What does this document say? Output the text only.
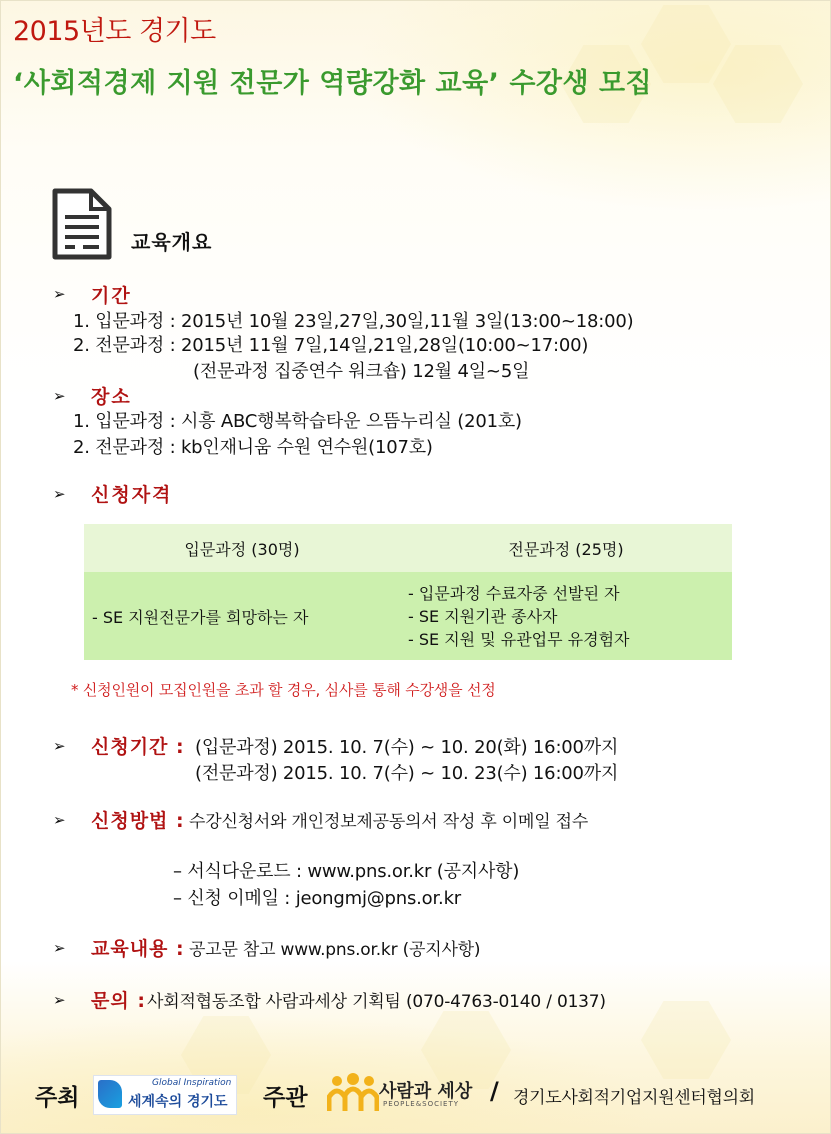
2015년도 경기도
‘사회적경제 지원 전문가 역량강화 교육’ 수강생 모집
교육개요
➢ 기간
1. 입문과정 : 2015년 10월 23일,27일,30일,11월 3일(13:00~18:00)
2. 전문과정 : 2015년 11월 7일,14일,21일,28일(10:00~17:00)
(전문과정 집중연수 워크숍) 12월 4일~5일
➢ 장소
1. 입문과정 : 시흥 ABC행복학습타운 으뜸누리실 (201호)
2. 전문과정 : kb인재니움 수원 연수원(107호)
➢ 신청자격
입문과정 (30명)	전문과정 (25명)
- SE 지원전문가를 희망하는 자	- 입문과정 수료자중 선발된 자
- SE 지원기관 종사자
- SE 지원 및 유관업무 유경험자
* 신청인원이 모집인원을 초과 할 경우, 심사를 통해 수강생을 선정
➢ 신청기간 : (입문과정) 2015. 10. 7(수) ~ 10. 20(화) 16:00까지
(전문과정) 2015. 10. 7(수) ~ 10. 23(수) 16:00까지
➢ 신청방법 : 수강신청서와 개인정보제공동의서 작성 후 이메일 접수
– 서식다운로드 : www.pns.or.kr (공지사항)
– 신청 이메일 : jeongmj@pns.or.kr
➢ 교육내용 : 공고문 참고 www.pns.or.kr (공지사항)
➢ 문의 : 사회적협동조합 사람과세상 기획팀 (070-4763-0140 / 0137)
주최
Global Inspiration
세계속의 경기도 주관	사람과 세상
PEOPLE&SOCIETY / 경기도사회적기업지원센터협의회
